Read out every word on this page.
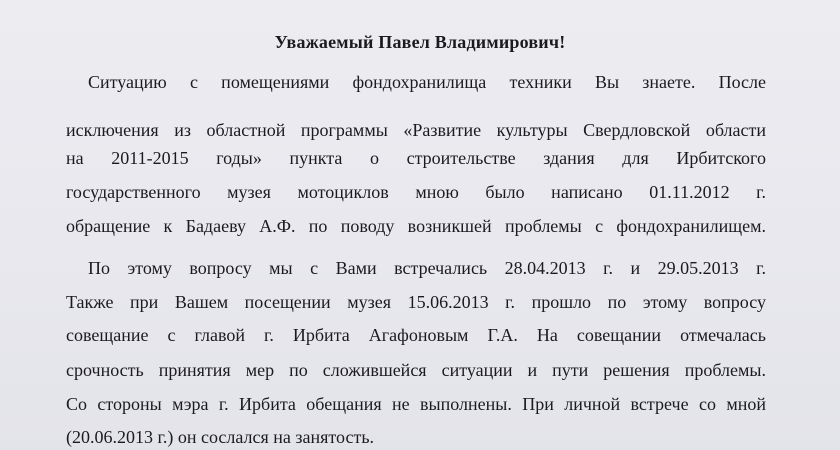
Уважаемый Павел Владимирович!
Ситуацию с помещениями фондохранилища техники Вы знаете. После
исключения из областной программы «Развитие культуры Свердловской области
на 2011-2015 годы» пункта о строительстве здания для Ирбитского
государственного музея мотоциклов мною было написано 01.11.2012 г.
обращение к Бадаеву А.Ф. по поводу возникшей проблемы с фондохранилищем.
По этому вопросу мы с Вами встречались 28.04.2013 г. и 29.05.2013 г.
Также при Вашем посещении музея 15.06.2013 г. прошло по этому вопросу
совещание с главой г. Ирбита Агафоновым Г.А. На совещании отмечалась
срочность принятия мер по сложившейся ситуации и пути решения проблемы.
Со стороны мэра г. Ирбита обещания не выполнены. При личной встрече со мной
(20.06.2013 г.) он сослался на занятость.
